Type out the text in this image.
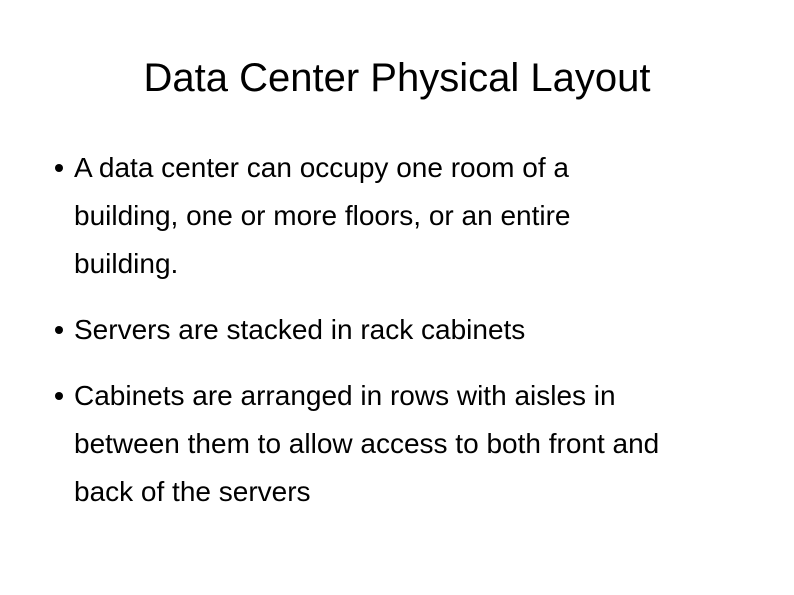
Data Center Physical Layout
A data center can occupy one room of a
building, one or more floors, or an entire
building.
Servers are stacked in rack cabinets
Cabinets are arranged in rows with aisles in
between them to allow access to both front and
back of the servers
